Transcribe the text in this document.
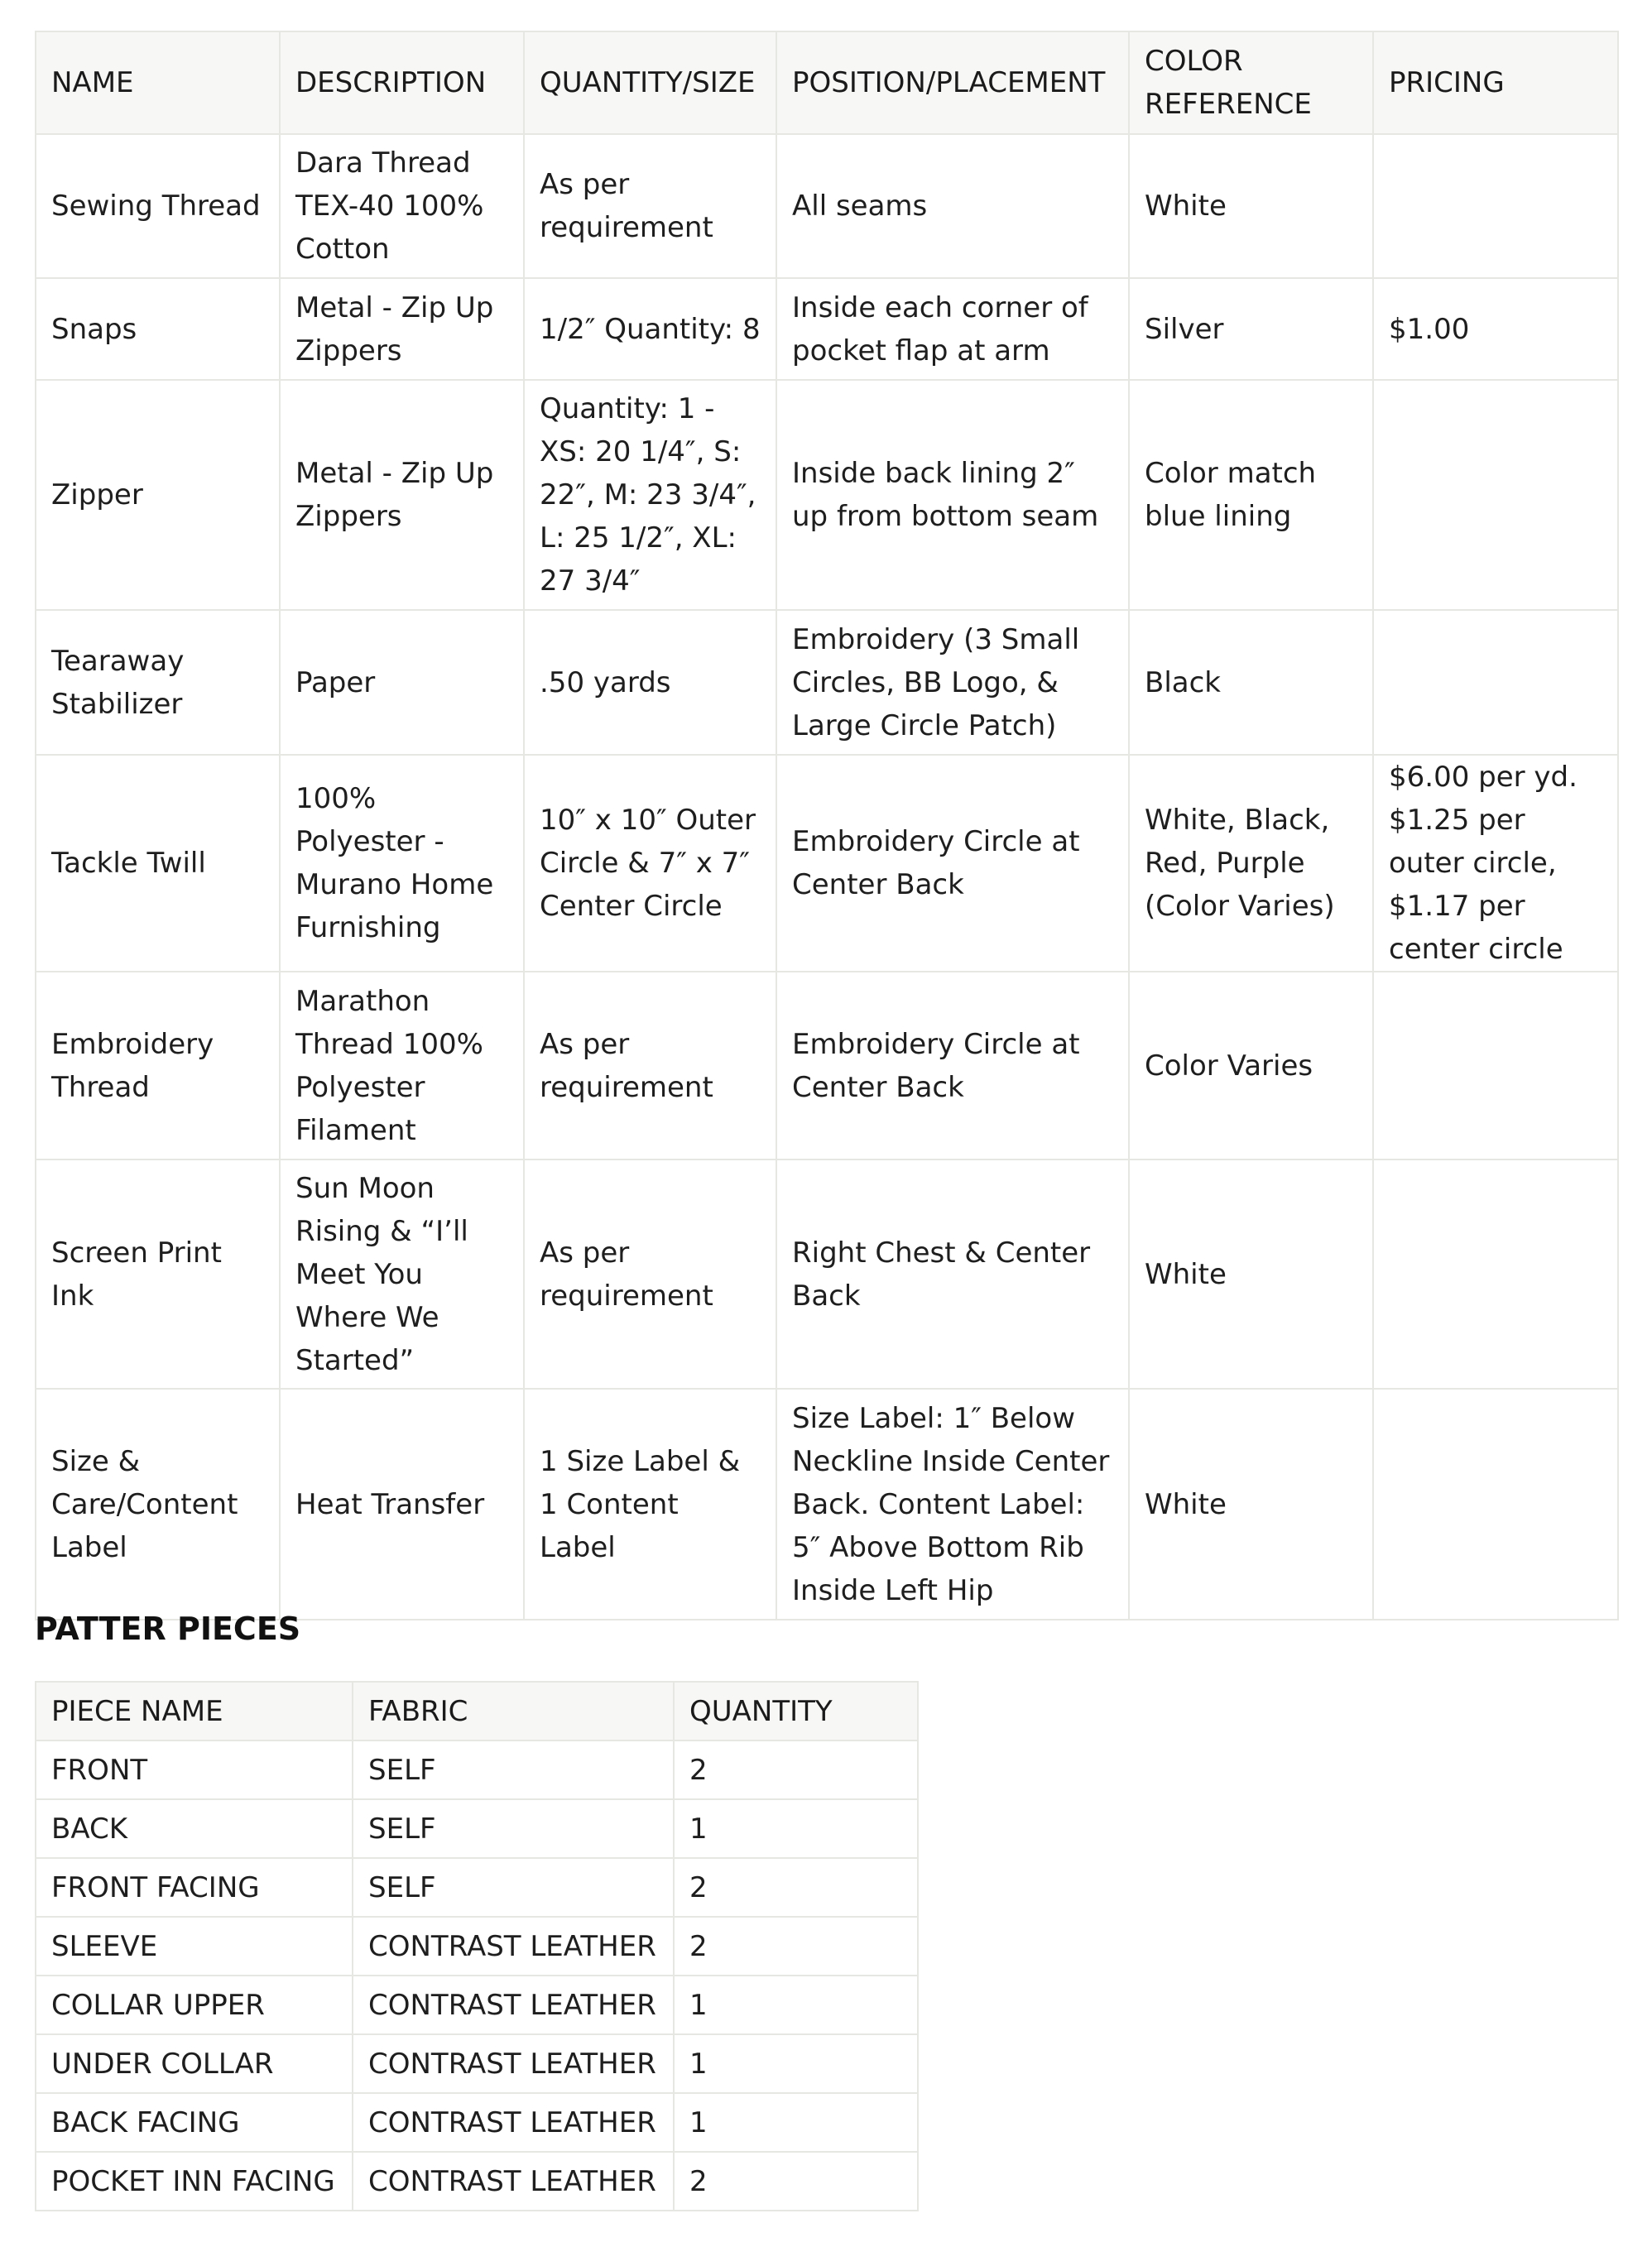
NAME	DESCRIPTION	QUANTITY/SIZE	POSITION/PLACEMENT	COLOR REFERENCE	PRICING
Sewing Thread	Dara Thread TEX-40 100% Cotton	As per requirement	All seams	White	
Snaps	Metal - Zip Up Zippers	1/2″ Quantity: 8	Inside each corner of pocket flap at arm	Silver	$1.00
Zipper	Metal - Zip Up Zippers	Quantity: 1 - XS: 20 1/4″, S: 22″, M: 23 3/4″, L: 25 1/2″, XL: 27 3/4″	Inside back lining 2″ up from bottom seam	Color match blue lining	
Tearaway Stabilizer	Paper	.50 yards	Embroidery (3 Small Circles, BB Logo, & Large Circle Patch)	Black	
Tackle Twill	100% Polyester - Murano Home Furnishing	10″ x 10″ Outer Circle & 7″ x 7″ Center Circle	Embroidery Circle at Center Back	White, Black, Red, Purple (Color Varies)	$6.00 per yd. $1.25 per outer circle, $1.17 per center circle
Embroidery Thread	Marathon Thread 100% Polyester Filament	As per requirement	Embroidery Circle at Center Back	Color Varies	
Screen Print Ink	Sun Moon Rising & “I’ll Meet You Where We Started”	As per requirement	Right Chest & Center Back	White	
Size & Care/Content Label	Heat Transfer	1 Size Label & 1 Content Label	Size Label: 1″ Below Neckline Inside Center Back. Content Label: 5″ Above Bottom Rib Inside Left Hip	White	
PATTER PIECES
PIECE NAME	FABRIC	QUANTITY
FRONT	SELF	2
BACK	SELF	1
FRONT FACING	SELF	2
SLEEVE	CONTRAST LEATHER	2
COLLAR UPPER	CONTRAST LEATHER	1
UNDER COLLAR	CONTRAST LEATHER	1
BACK FACING	CONTRAST LEATHER	1
POCKET INN FACING	CONTRAST LEATHER	2
